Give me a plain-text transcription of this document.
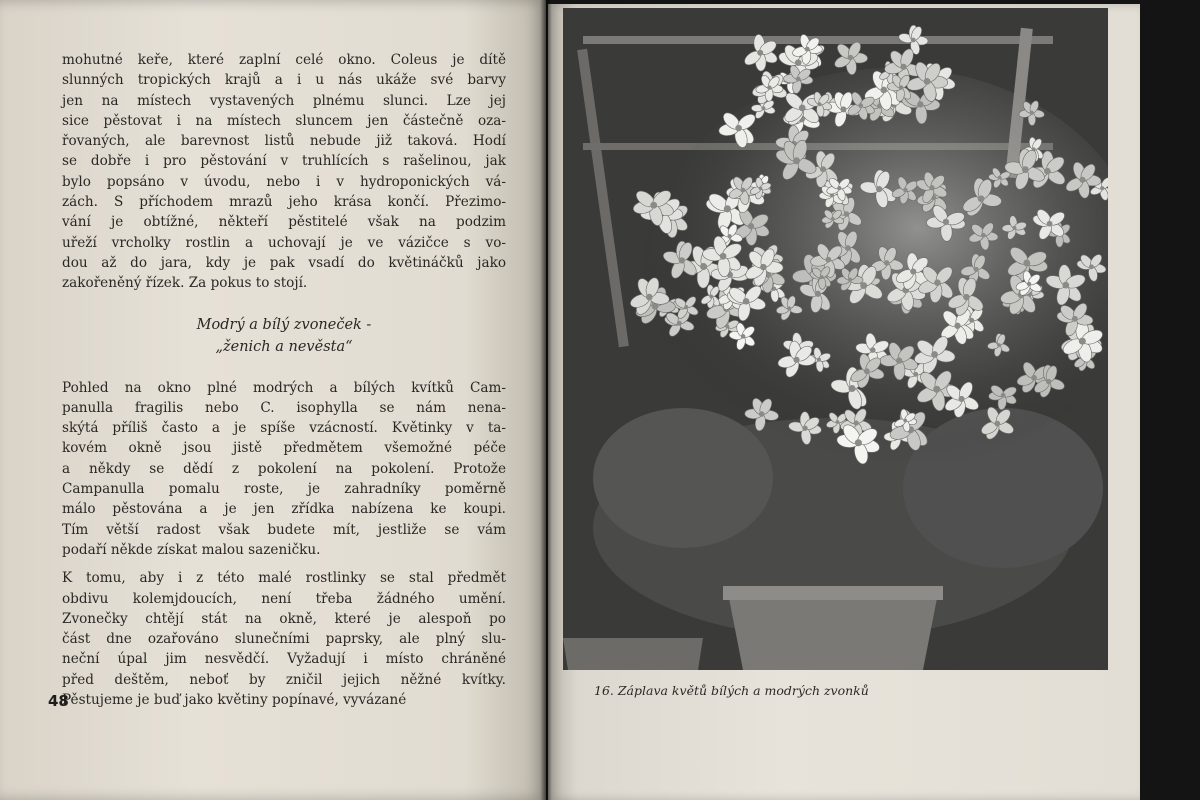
mohutné keře, které zaplní celé okno. Coleus je dítě

slunných tropických krajů a i u nás ukáže své barvy

jen na místech vystavených plnému slunci. Lze jej

sice pěstovat i na místech sluncem jen částečně oza-

řovaných, ale barevnost listů nebude již taková. Hodí

se dobře i pro pěstování v truhlících s rašelinou, jak

bylo popsáno v úvodu, nebo i v hydroponických vá-

zách. S příchodem mrazů jeho krása končí. Přezimo-

vání je obtížné, někteří pěstitelé však na podzim

uřeží vrcholky rostlin a uchovají je ve vázičce s vo-

dou až do jara, kdy je pak vsadí do květináčků jako

zakořeněný řízek. Za pokus to stojí.

Modrý a bílý zvoneček -
„ženich a nevěsta“

Pohled na okno plné modrých a bílých kvítků Cam-

panulla fragilis nebo C. isophylla se nám nena-

skýtá příliš často a je spíše vzácností. Květinky v ta-

kovém okně jsou jistě předmětem všemožné péče

a někdy se dědí z pokolení na pokolení. Protože

Campanulla pomalu roste, je zahradníky poměrně

málo pěstována a je jen zřídka nabízena ke koupi.

Tím větší radost však budete mít, jestliže se vám

podaří někde získat malou sazeničku.

K tomu, aby i z této malé rostlinky se stal předmět

obdivu kolemjdoucích, není třeba žádného umění.

Zvonečky chtějí stát na okně, které je alespoň po

část dne ozařováno slunečními paprsky, ale plný slu-

neční úpal jim nesvědčí. Vyžadují i místo chráněné

před deštěm, neboť by zničil jejich něžné kvítky.

Pěstujeme je buď jako květiny popínavé, vyvázané

48
16. Záplava květů bílých a modrých zvonků
